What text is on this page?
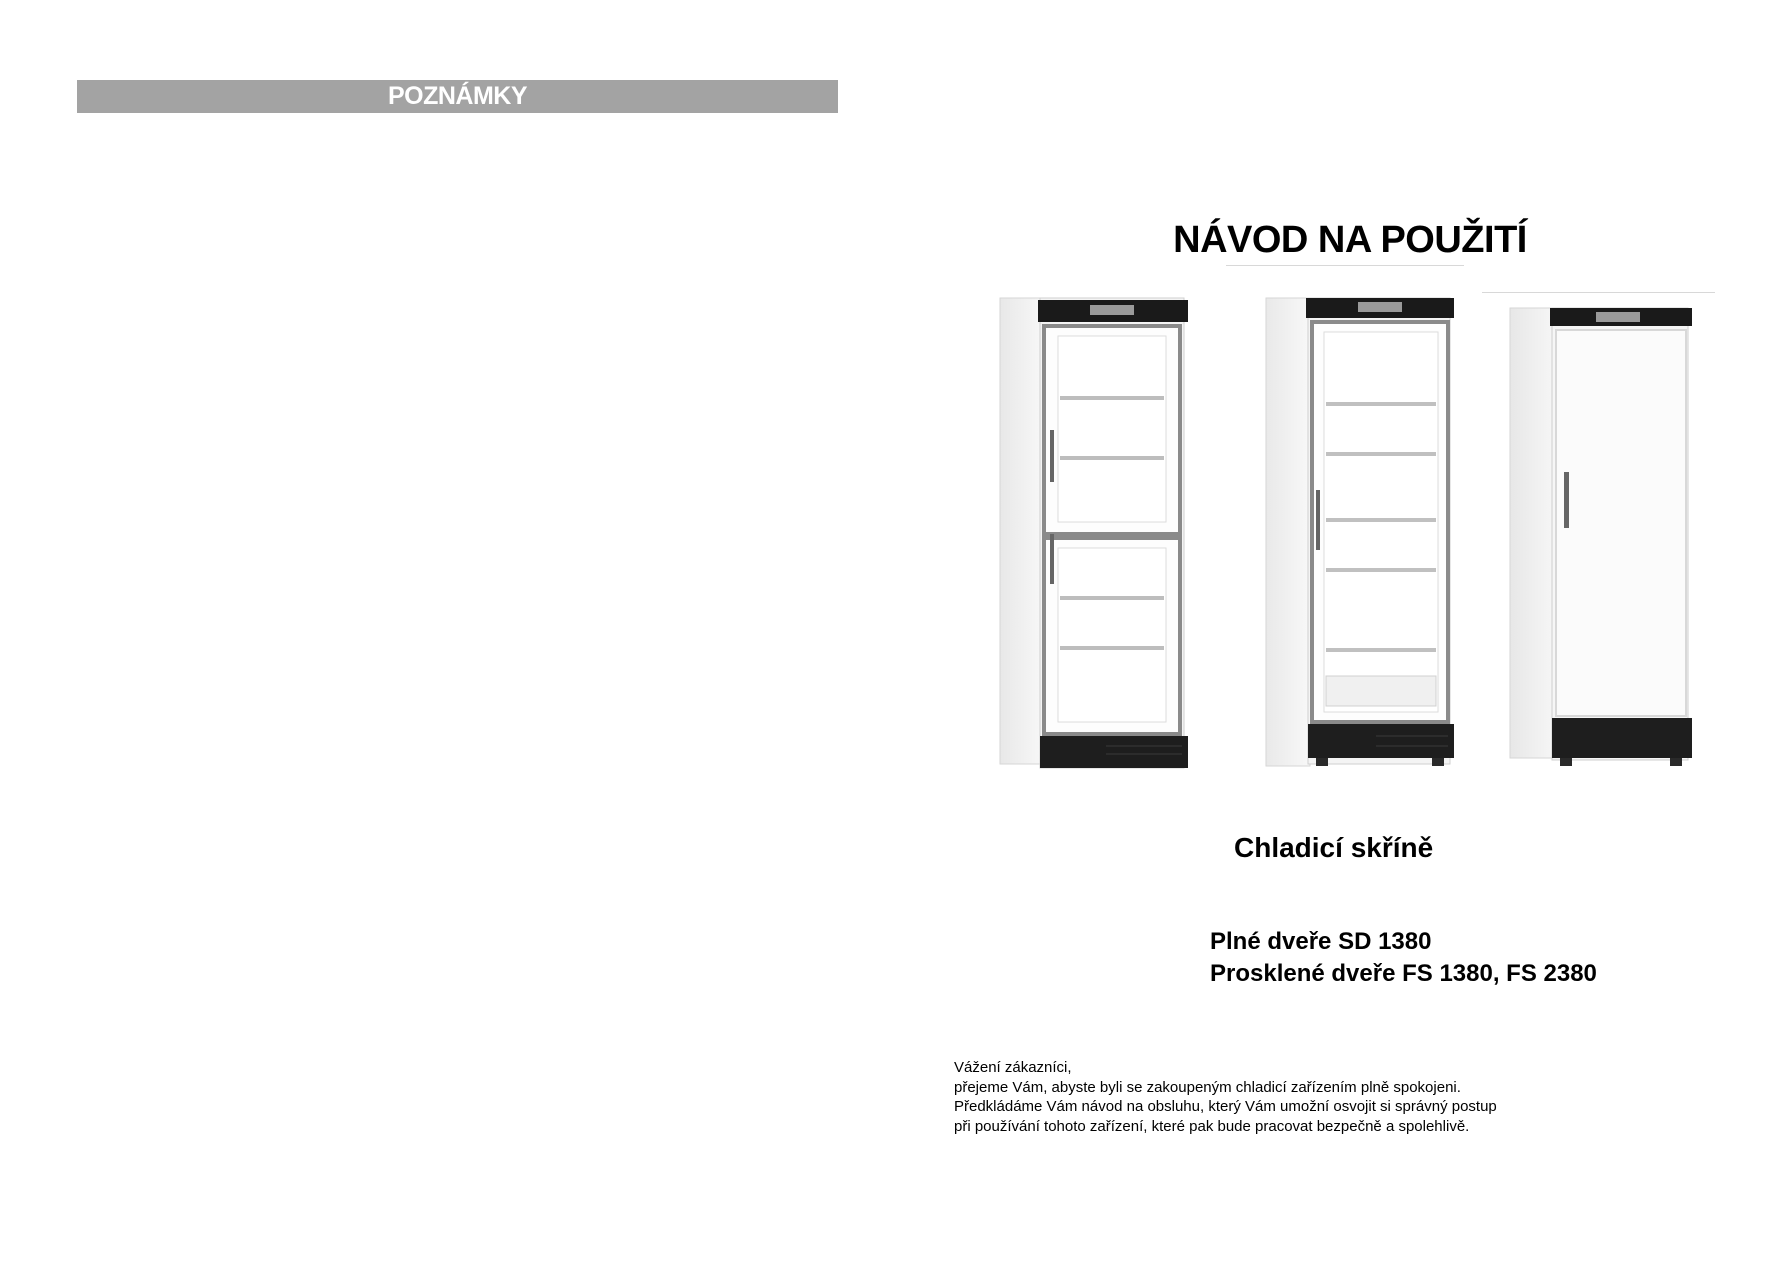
POZNÁMKY
NÁVOD NA POUŽITÍ
Chladicí skříně
Plné dveře SD 1380
Prosklené dveře FS 1380, FS 2380
Vážení zákazníci,
přejeme Vám, abyste byli se zakoupeným chladicí zařízením plně spokojeni.
Předkládáme Vám návod na obsluhu, který Vám umožní osvojit si správný postup
při používání tohoto zařízení, které pak bude pracovat bezpečně a spolehlivě.
